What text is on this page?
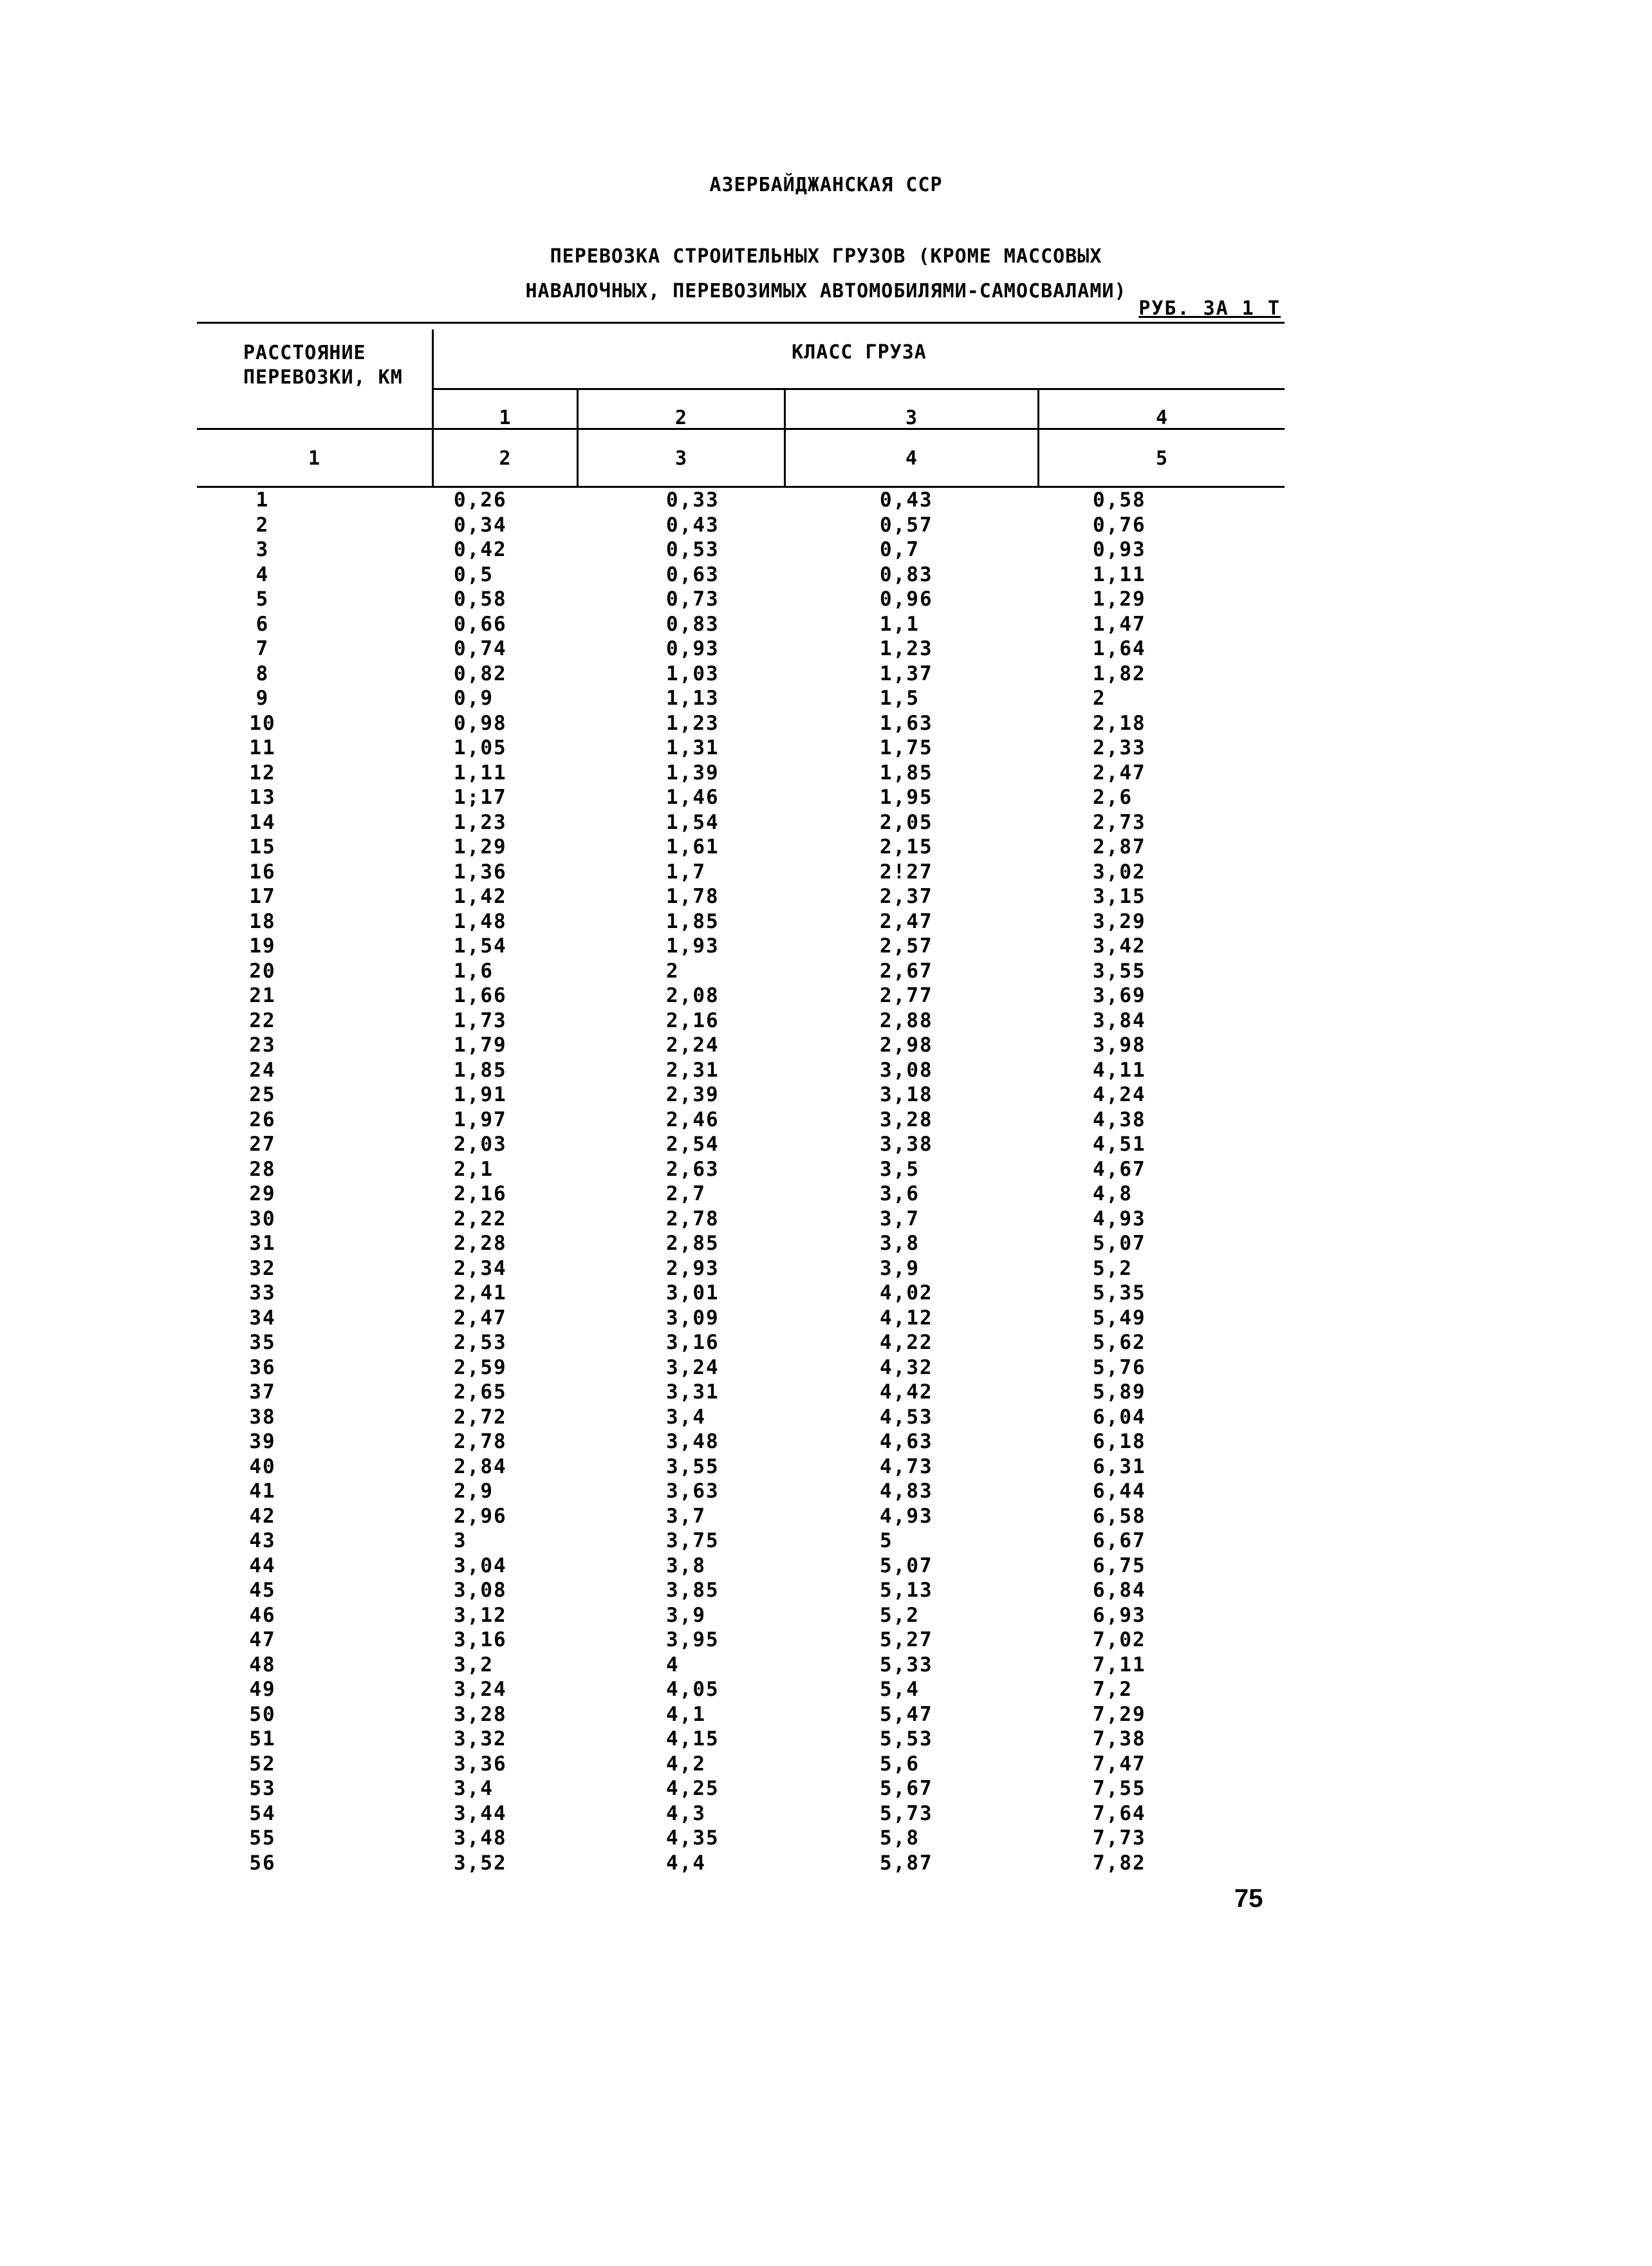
АЗЕРБАЙДЖАНСКАЯ ССР
ПЕРЕВОЗКА СТРОИТЕЛЬНЫХ ГРУЗОВ (КРОМЕ МАССОВЫХ
НАВАЛОЧНЫХ, ПЕРЕВОЗИМЫХ АВТОМОБИЛЯМИ-САМОСВАЛАМИ)
РУБ. ЗА 1 Т
РАССТОЯНИЕ
ПЕРЕВОЗКИ, КМ
КЛАСС ГРУЗА
1	2	3	4
1	2	3	4	5
1	0,26	0,33	0,43	0,58
2	0,34	0,43	0,57	0,76
3	0,42	0,53	0,7	0,93
4	0,5	0,63	0,83	1,11
5	0,58	0,73	0,96	1,29
6	0,66	0,83	1,1	1,47
7	0,74	0,93	1,23	1,64
8	0,82	1,03	1,37	1,82
9	0,9	1,13	1,5	2
10	0,98	1,23	1,63	2,18
11	1,05	1,31	1,75	2,33
12	1,11	1,39	1,85	2,47
13	1;17	1,46	1,95	2,6
14	1,23	1,54	2,05	2,73
15	1,29	1,61	2,15	2,87
16	1,36	1,7	2!27	3,02
17	1,42	1,78	2,37	3,15
18	1,48	1,85	2,47	3,29
19	1,54	1,93	2,57	3,42
20	1,6	2	2,67	3,55
21	1,66	2,08	2,77	3,69
22	1,73	2,16	2,88	3,84
23	1,79	2,24	2,98	3,98
24	1,85	2,31	3,08	4,11
25	1,91	2,39	3,18	4,24
26	1,97	2,46	3,28	4,38
27	2,03	2,54	3,38	4,51
28	2,1	2,63	3,5	4,67
29	2,16	2,7	3,6	4,8
30	2,22	2,78	3,7	4,93
31	2,28	2,85	3,8	5,07
32	2,34	2,93	3,9	5,2
33	2,41	3,01	4,02	5,35
34	2,47	3,09	4,12	5,49
35	2,53	3,16	4,22	5,62
36	2,59	3,24	4,32	5,76
37	2,65	3,31	4,42	5,89
38	2,72	3,4	4,53	6,04
39	2,78	3,48	4,63	6,18
40	2,84	3,55	4,73	6,31
41	2,9	3,63	4,83	6,44
42	2,96	3,7	4,93	6,58
43	3	3,75	5	6,67
44	3,04	3,8	5,07	6,75
45	3,08	3,85	5,13	6,84
46	3,12	3,9	5,2	6,93
47	3,16	3,95	5,27	7,02
48	3,2	4	5,33	7,11
49	3,24	4,05	5,4	7,2
50	3,28	4,1	5,47	7,29
51	3,32	4,15	5,53	7,38
52	3,36	4,2	5,6	7,47
53	3,4	4,25	5,67	7,55
54	3,44	4,3	5,73	7,64
55	3,48	4,35	5,8	7,73
56	3,52	4,4	5,87	7,82
75
